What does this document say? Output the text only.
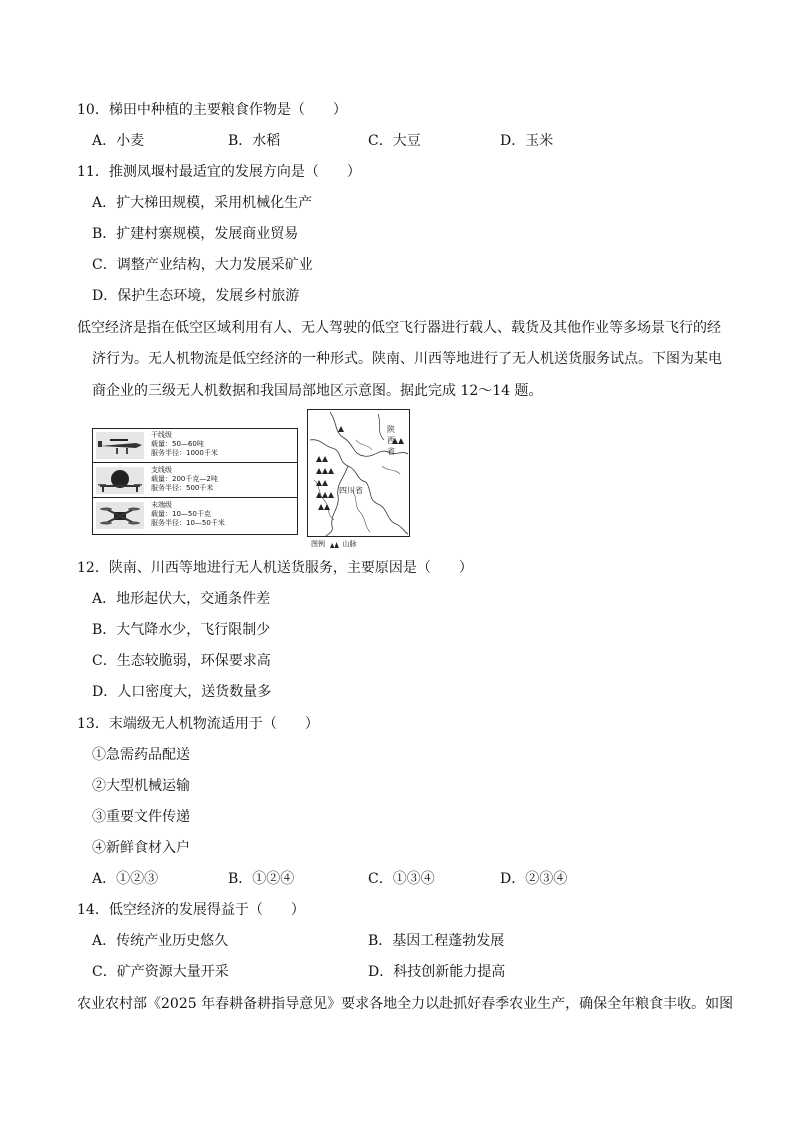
10．梯田中种植的主要粮食作物是（　　）
A．小麦	B．水稻	C．大豆	D．玉米
11．推测凤堰村最适宜的发展方向是（　　）
A．扩大梯田规模，采用机械化生产
B．扩建村寨规模，发展商业贸易
C．调整产业结构，大力发展采矿业
D．保护生态环境，发展乡村旅游
低空经济是指在低空区域利用有人、无人驾驶的低空飞行器进行载人、载货及其他作业等多场景飞行的经
济行为。无人机物流是低空经济的一种形式。陕南、川西等地进行了无人机送货服务试点。下图为某电
商企业的三级无人机数据和我国局部地区示意图。据此完成 12～14 题。
干线级
载量：50—60吨
服务半径：1000千米
支线级
载量：200千克—2吨
服务半径：500千米
末端级
载量：10—50千克
服务半径：10—50千米
陕西省
四川省
图例 山脉
12．陕南、川西等地进行无人机送货服务，主要原因是（　　）
A．地形起伏大，交通条件差
B．大气降水少，飞行限制少
C．生态较脆弱，环保要求高
D．人口密度大，送货数量多
13．末端级无人机物流适用于（　　）
①急需药品配送
②大型机械运输
③重要文件传递
④新鲜食材入户
A．①②③	B．①②④	C．①③④	D．②③④
14．低空经济的发展得益于（　　）
A．传统产业历史悠久	B．基因工程蓬勃发展
C．矿产资源大量开采	D．科技创新能力提高
农业农村部《2025 年春耕备耕指导意见》要求各地全力以赴抓好春季农业生产，确保全年粮食丰收。如图
